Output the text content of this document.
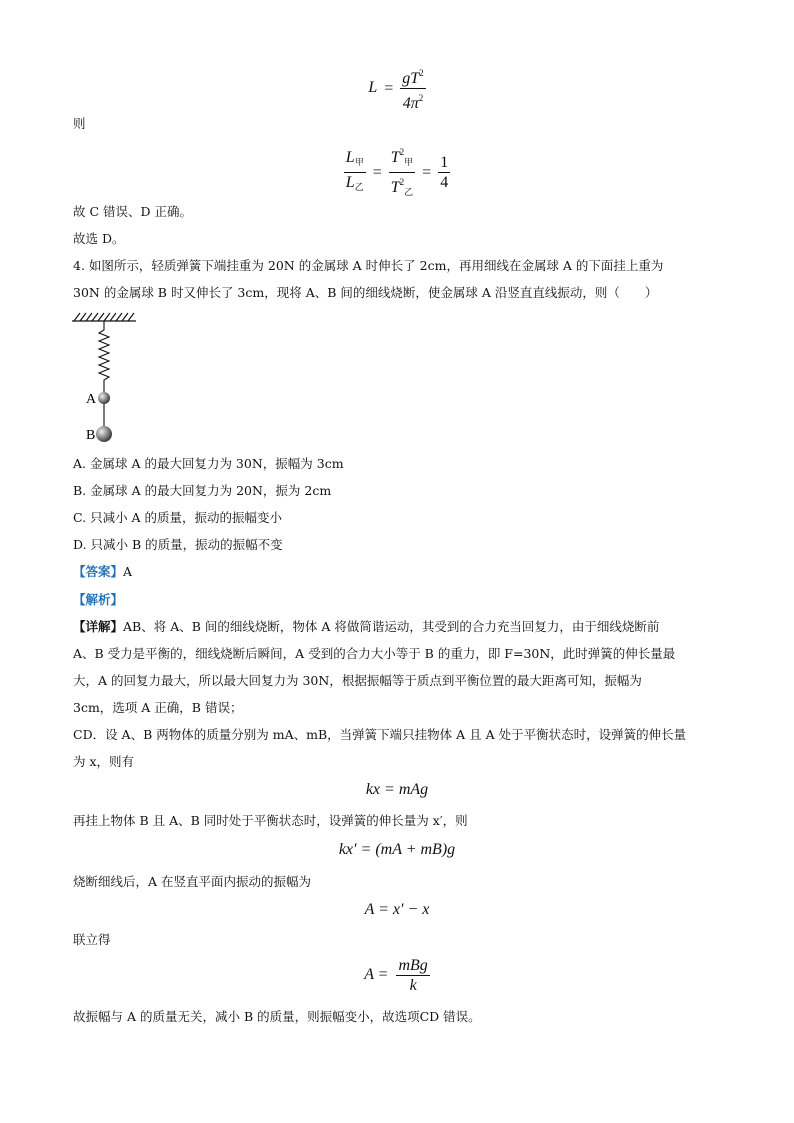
$L = \frac{gT^2}{4\pi^2}$
则
$\frac{L_甲}{L_乙} = \frac{T^2_甲}{T^2_乙} = \frac{1}{4}$
故 C 错误、D 正确。
故选 D。
4. 如图所示，轻质弹簧下端挂重为 20N 的金属球 A 时伸长了 2cm，再用细线在金属球 A 的下面挂上重为
30N 的金属球 B 时又伸长了 3cm，现将 A、B 间的细线烧断，使金属球 A 沿竖直直线振动，则（　　）
A
B
A. 金属球 A 的最大回复力为 30N，振幅为 3cm
B. 金属球 A 的最大回复力为 20N，振为 2cm
C. 只减小 A 的质量，振动的振幅变小
D. 只减小 B 的质量，振动的振幅不变
【答案】A
【解析】
【详解】AB、将 A、B 间的细线烧断，物体 A 将做简谐运动，其受到的合力充当回复力，由于细线烧断前
A、B 受力是平衡的，细线烧断后瞬间，A 受到的合力大小等于 B 的重力，即 F=30N，此时弹簧的伸长量最
大，A 的回复力最大，所以最大回复力为 30N，根据振幅等于质点到平衡位置的最大距离可知，振幅为
3cm，选项 A 正确，B 错误；
CD．设 A、B 两物体的质量分别为 mA、mB，当弹簧下端只挂物体 A 且 A 处于平衡状态时，设弹簧的伸长量
为 x，则有
kx = mAg
再挂上物体 B 且 A、B 同时处于平衡状态时，设弹簧的伸长量为 x′，则
kx′ = (mA + mB)g
烧断细线后，A 在竖直平面内振动的振幅为
A = x′ − x
联立得
$A = \frac{\text{mBg}}{k}$
故振幅与 A 的质量无关，减小 B 的质量，则振幅变小，故选项CD 错误。
